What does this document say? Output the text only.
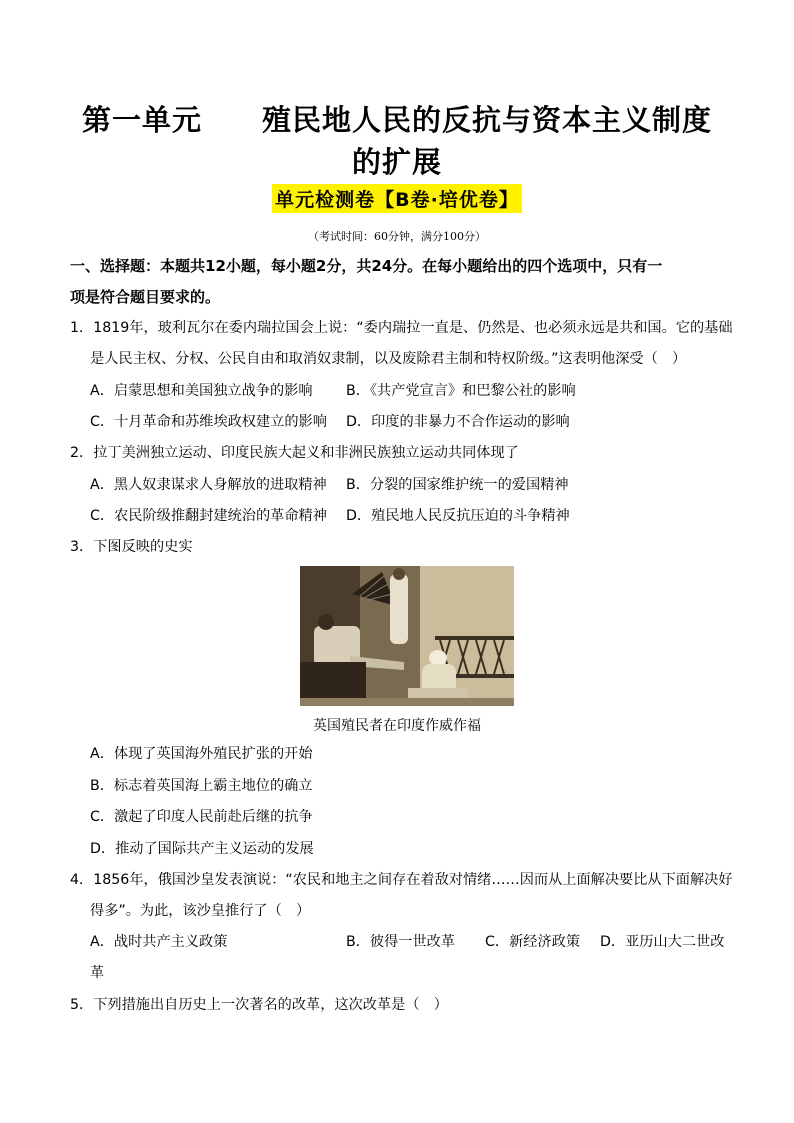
第一单元　　殖民地人民的反抗与资本主义制度
的扩展
单元检测卷【B卷·培优卷】
（考试时间：60分钟，满分100分）
一、选择题：本题共12小题，每小题2分，共24分。在每小题给出的四个选项中，只有一
项是符合题目要求的。
1．1819年，玻利瓦尔在委内瑞拉国会上说：“委内瑞拉一直是、仍然是、也必须永远是共和国。它的基础
是人民主权、分权、公民自由和取消奴隶制，以及废除君主制和特权阶级。”这表明他深受（　）
A．启蒙思想和美国独立战争的影响 B．《共产党宣言》和巴黎公社的影响
C．十月革命和苏维埃政权建立的影响 D．印度的非暴力不合作运动的影响
2．拉丁美洲独立运动、印度民族大起义和非洲民族独立运动共同体现了
A．黑人奴隶谋求人身解放的进取精神 B．分裂的国家维护统一的爱国精神
C．农民阶级推翻封建统治的革命精神 D．殖民地人民反抗压迫的斗争精神
3．下图反映的史实
英国殖民者在印度作威作福
A．体现了英国海外殖民扩张的开始
B．标志着英国海上霸主地位的确立
C．激起了印度人民前赴后继的抗争
D．推动了国际共产主义运动的发展
4．1856年，俄国沙皇发表演说：“农民和地主之间存在着敌对情绪……因而从上面解决要比从下面解决好
得多”。为此，该沙皇推行了（　）
A．战时共产主义政策	B．彼得一世改革 C．新经济政策 D．亚历山大二世改
革
5．下列措施出自历史上一次著名的改革，这次改革是（　）
